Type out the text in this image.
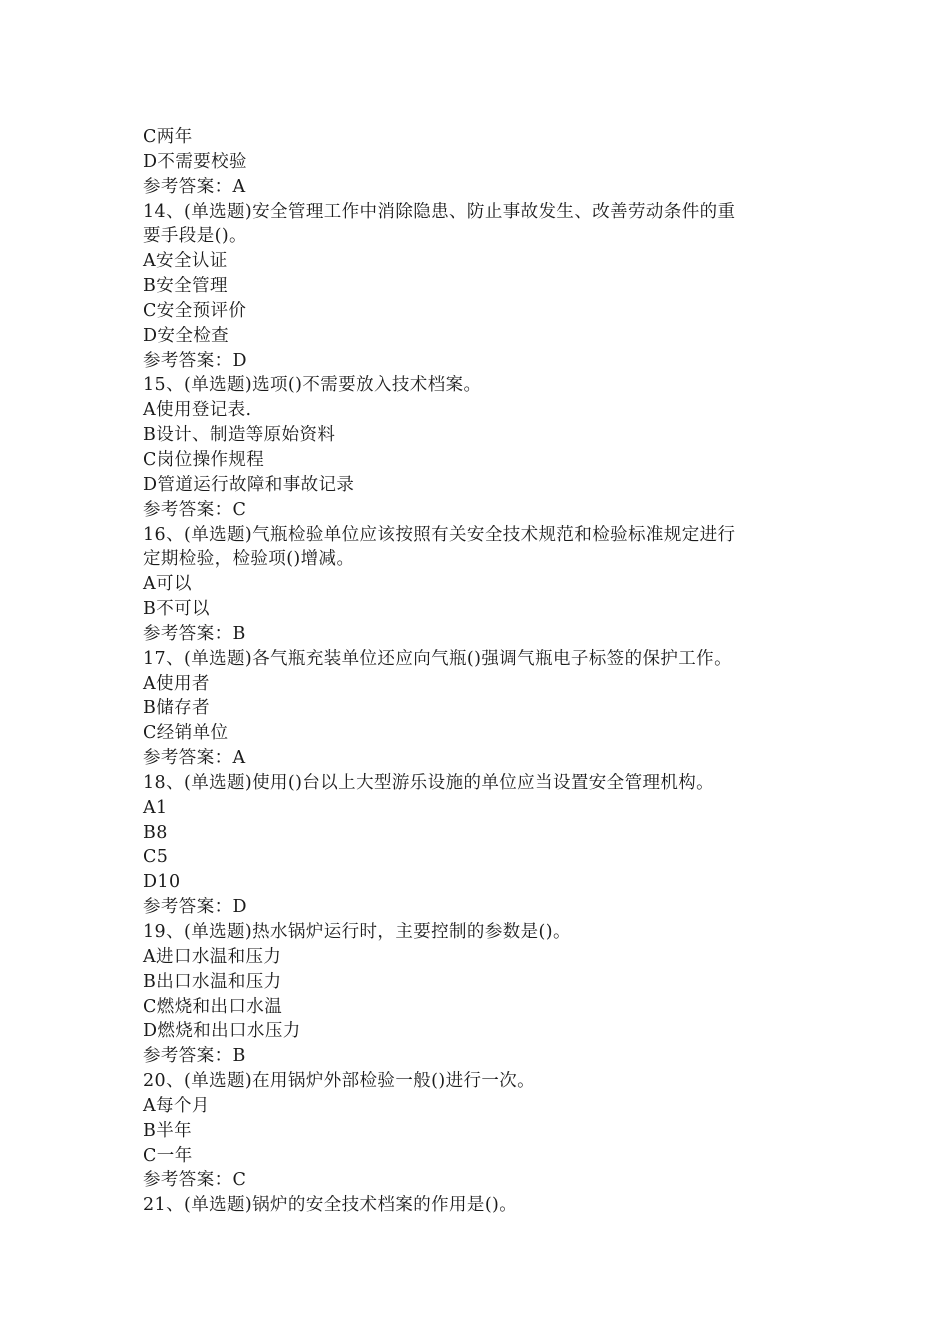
C两年
D不需要校验
参考答案：A
14、(单选题)安全管理工作中消除隐患、防止事故发生、改善劳动条件的重
要手段是()。
A安全认证
B安全管理
C安全预评价
D安全检查
参考答案：D
15、(单选题)选项()不需要放入技术档案。
A使用登记表.
B设计、制造等原始资料
C岗位操作规程
D管道运行故障和事故记录
参考答案：C
16、(单选题)气瓶检验单位应该按照有关安全技术规范和检验标准规定进行
定期检验，检验项()增减。
A可以
B不可以
参考答案：B
17、(单选题)各气瓶充装单位还应向气瓶()强调气瓶电子标签的保护工作。
A使用者
B储存者
C经销单位
参考答案：A
18、(单选题)使用()台以上大型游乐设施的单位应当设置安全管理机构。
A1
B8
C5
D10
参考答案：D
19、(单选题)热水锅炉运行时，主要控制的参数是()。
A进口水温和压力
B出口水温和压力
C燃烧和出口水温
D燃烧和出口水压力
参考答案：B
20、(单选题)在用锅炉外部检验一般()进行一次。
A每个月
B半年
C一年
参考答案：C
21、(单选题)锅炉的安全技术档案的作用是()。
